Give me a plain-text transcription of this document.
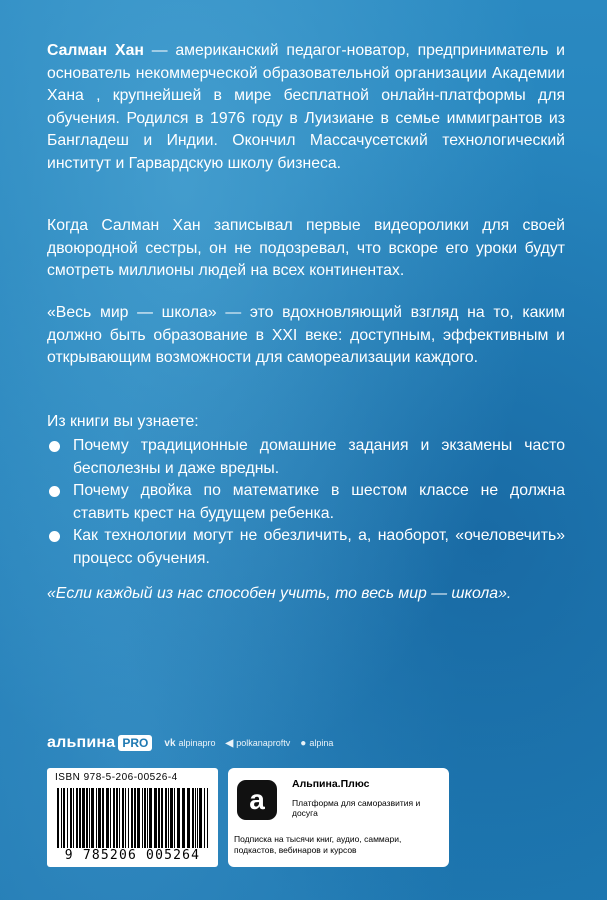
Салман Хан — американский педагог-новатор, предприниматель и основатель некоммерческой образовательной организации Академии Хана , крупнейшей в мире бесплатной онлайн-платформы для обучения. Родился в 1976 году в Луизиане в семье иммигрантов из Бангладеш и Индии. Окончил Массачусетский технологический институт и Гарвардскую школу бизнеса.
Когда Салман Хан записывал первые видеоролики для своей двоюродной сестры, он не подозревал, что вскоре его уроки будут смотреть миллионы людей на всех континентах.
«Весь мир — школа» — это вдохновляющий взгляд на то, каким должно быть образование в XXI веке: доступным, эффективным и открывающим возможности для самореализации каждого.
Из книги вы узнаете:
Почему традиционные домашние задания и экзамены часто бесполезны и даже вредны.
Почему двойка по математике в шестом классе не должна ставить крест на будущем ребенка.
Как технологии могут не обезличить, а, наоборот, «очеловечить» процесс обучения.
«Если каждый из нас способен учить, то весь мир — школа».
альпина PRO	vk alpinapro ◀ polkanaproftv ● alpina
ISBN 978-5-206-00526-4
9 785206 005264
a	Альпина.Плюс
Платформа для саморазвития и досуга
Подписка на тысячи книг, аудио, саммари, подкастов, вебинаров и курсов
